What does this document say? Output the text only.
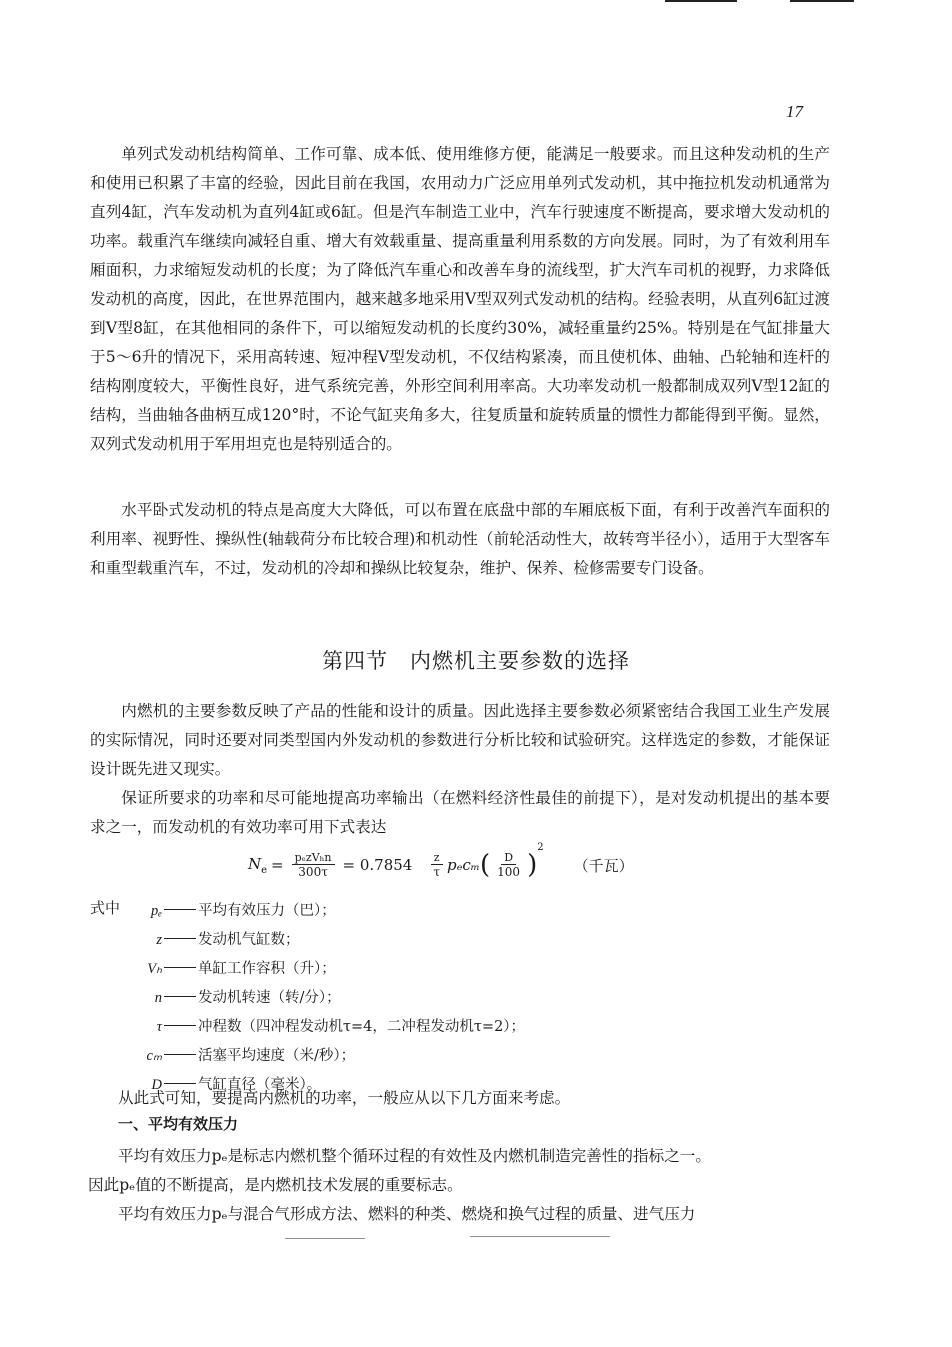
17

单列式发动机结构简单、工作可靠、成本低、使用维修方便，能满足一般要求。而且这种发动机的生产和使用已积累了丰富的经验，因此目前在我国，农用动力广泛应用单列式发动机，其中拖拉机发动机通常为直列4缸，汽车发动机为直列4缸或6缸。但是汽车制造工业中，汽车行驶速度不断提高，要求增大发动机的功率。载重汽车继续向减轻自重、增大有效载重量、提高重量利用系数的方向发展。同时，为了有效利用车厢面积，力求缩短发动机的长度；为了降低汽车重心和改善车身的流线型，扩大汽车司机的视野，力求降低发动机的高度，因此，在世界范围内，越来越多地采用V型双列式发动机的结构。经验表明，从直列6缸过渡到V型8缸，在其他相同的条件下，可以缩短发动机的长度约30%，减轻重量约25%。特别是在气缸排量大于5～6升的情况下，采用高转速、短冲程V型发动机，不仅结构紧凑，而且使机体、曲轴、凸轮轴和连杆的结构刚度较大，平衡性良好，进气系统完善，外形空间利用率高。大功率发动机一般都制成双列V型12缸的结构，当曲轴各曲柄互成120°时，不论气缸夹角多大，往复质量和旋转质量的惯性力都能得到平衡。显然，双列式发动机用于军用坦克也是特别适合的。

水平卧式发动机的特点是高度大大降低，可以布置在底盘中部的车厢底板下面，有利于改善汽车面积的利用率、视野性、操纵性(轴载荷分布比较合理)和机动性（前轮活动性大，故转弯半径小），适用于大型客车和重型载重汽车，不过，发动机的冷却和操纵比较复杂，维护、保养、检修需要专门设备。

第四节　内燃机主要参数的选择

内燃机的主要参数反映了产品的性能和设计的质量。因此选择主要参数必须紧密结合我国工业生产发展的实际情况，同时还要对同类型国内外发动机的参数进行分析比较和试验研究。这样选定的参数，才能保证设计既先进又现实。

保证所要求的功率和尽可能地提高功率输出（在燃料经济性最佳的前提下），是对发动机提出的基本要求之一，而发动机的有效功率可用下式表达

$N_e = \frac{\text{pₑzVₕn}}{300\tau} = 0.7854 \frac{z}{\tau}$ pₑcₘ ( $\frac{D}{100}$ )
2
（千瓦）
式中	pₑ 平均有效压力（巴）；
z 发动机气缸数；
Vₕ 单缸工作容积（升）；
n 发动机转速（转/分）；
τ 冲程数（四冲程发动机τ=4，二冲程发动机τ=2）；
cₘ 活塞平均速度（米/秒）；
D 气缸直径（毫米）。

从此式可知，要提高内燃机的功率，一般应从以下几方面来考虑。

一、平均有效压力

平均有效压力pₑ是标志内燃机整个循环过程的有效性及内燃机制造完善性的指标之一。

因此pₑ值的不断提高，是内燃机技术发展的重要标志。

平均有效压力pₑ与混合气形成方法、燃料的种类、燃烧和换气过程的质量、进气压力
